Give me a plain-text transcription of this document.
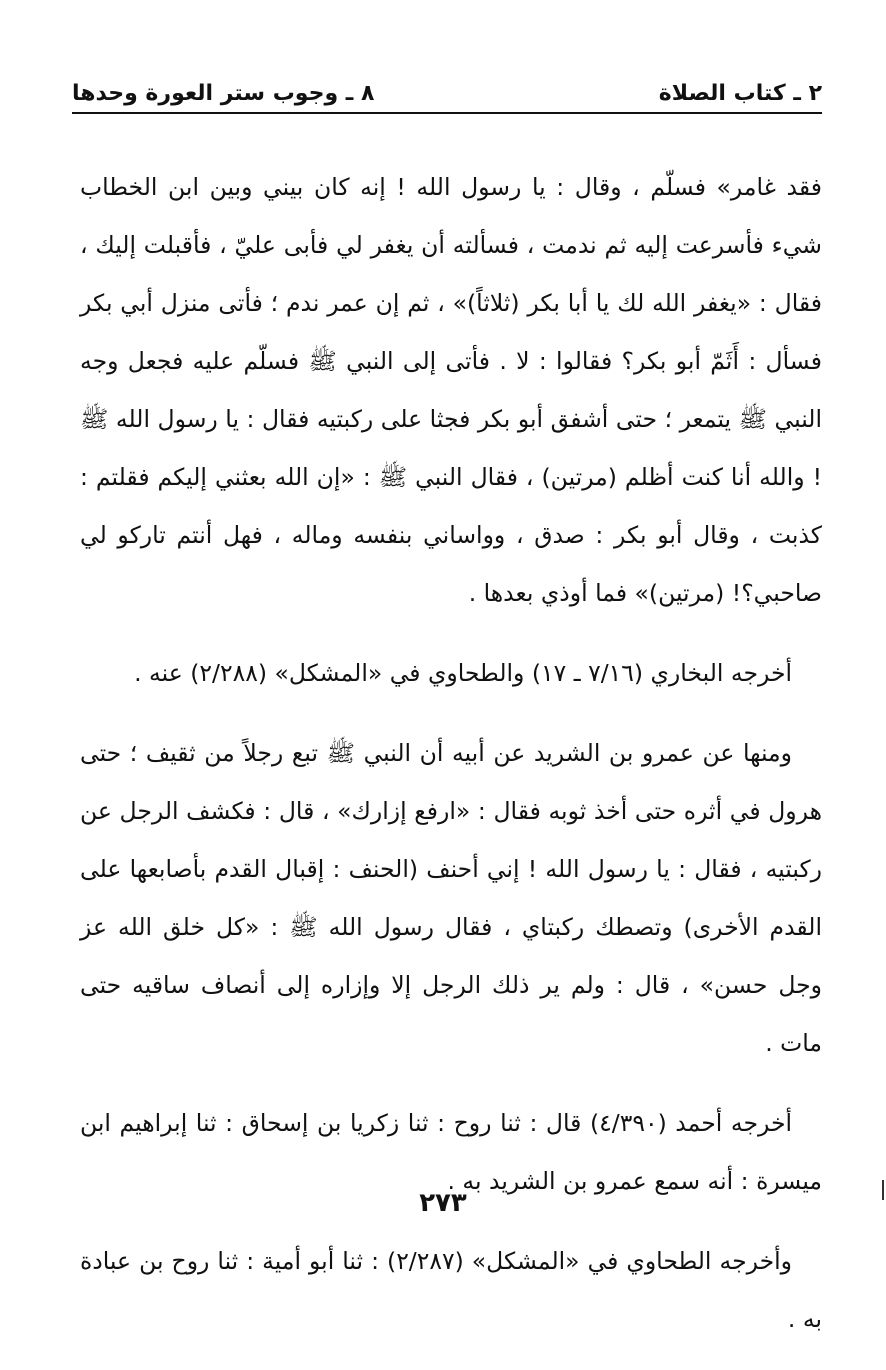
٢ ـ كتاب الصلاة
٨ ـ وجوب ستر العورة وحدها

فقد غامر» فسلّم ، وقال : يا رسول الله ! إنه كان بيني وبين ابن الخطاب شيء فأسرعت إليه ثم ندمت ، فسألته أن يغفر لي فأبى عليّ ، فأقبلت إليك ، فقال : «يغفر الله لك يا أبا بكر (ثلاثاً)» ، ثم إن عمر ندم ؛ فأتى منزل أبي بكر فسأل : أَثَمّ أبو بكر؟ فقالوا : لا . فأتى إلى النبي ﷺ فسلّم عليه فجعل وجه النبي ﷺ يتمعر ؛ حتى أشفق أبو بكر فجثا على ركبتيه فقال : يا رسول الله ﷺ ! والله أنا كنت أظلم (مرتين) ، فقال النبي ﷺ : «إن الله بعثني إليكم فقلتم : كذبت ، وقال أبو بكر : صدق ، وواساني بنفسه وماله ، فهل أنتم تاركو لي صاحبي؟! (مرتين)» فما أوذي بعدها .

أخرجه البخاري (٧/١٦ ـ ١٧) والطحاوي في «المشكل» (٢/٢٨٨) عنه .

ومنها عن عمرو بن الشريد عن أبيه أن النبي ﷺ تبع رجلاً من ثقيف ؛ حتى هرول في أثره حتى أخذ ثوبه فقال : «ارفع إزارك» ، قال : فكشف الرجل عن ركبتيه ، فقال : يا رسول الله ! إني أحنف (الحنف : إقبال القدم بأصابعها على القدم الأخرى) وتصطك ركبتاي ، فقال رسول الله ﷺ : «كل خلق الله عز وجل حسن» ، قال : ولم ير ذلك الرجل إلا وإزاره إلى أنصاف ساقيه حتى مات .

أخرجه أحمد (٤/٣٩٠) قال : ثنا روح : ثنا زكريا بن إسحاق : ثنا إبراهيم ابن ميسرة : أنه سمع عمرو بن الشريد به .

وأخرجه الطحاوي في «المشكل» (٢/٢٨٧) : ثنا أبو أمية : ثنا روح بن عبادة به .

٢٧٣
